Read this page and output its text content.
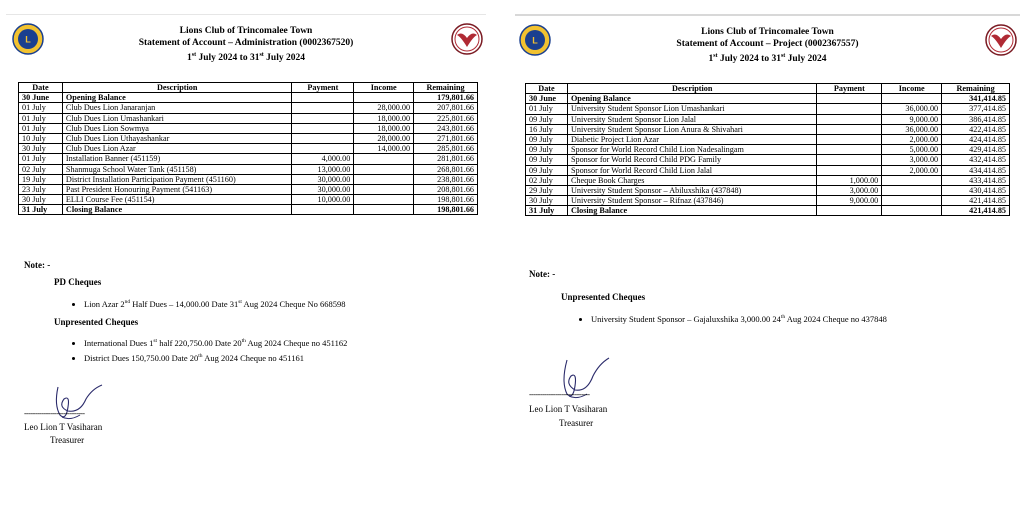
L
Lions Club of Trincomalee Town
Statement of Account – Administration (0002367520)
1st July 2024 to 31st July 2024
Date	Description	Payment	Income	Remaining
30 June	Opening Balance			179,801.66
01 July	Club Dues Lion Janaranjan		28,000.00	207,801.66
01 July	Club Dues Lion Umashankari		18,000.00	225,801.66
01 July	Club Dues Lion Sowmya		18,000.00	243,801.66
10 July	Club Dues Lion Uthayashankar		28,000.00	271,801.66
30 July	Club Dues Lion Azar		14,000.00	285,801.66
01 July	Installation Banner (451159)	4,000.00		281,801.66
02 July	Shanmuga School Water Tank (451158)	13,000.00		268,801.66
19 July	District Installation Participation Payment (451160)	30,000.00		238,801.66
23 July	Past President Honouring Payment (541163)	30,000.00		208,801.66
30 July	ELLI Course Fee (451154)	10,000.00		198,801.66
31 July	Closing Balance			198,801.66
Note: -
PD Cheques
• Lion Azar 2nd Half Dues – 14,000.00 Date 31st Aug 2024 Cheque No 668598
Unpresented Cheques
• International Dues 1st half 220,750.00 Date 20th Aug 2024 Cheque no 451162
• District Dues 150,750.00 Date 20th Aug 2024 Cheque no 451161
----------------------------
Leo Lion T Vasiharan
Treasurer
L
Lions Club of Trincomalee Town
Statement of Account – Project (0002367557)
1st July 2024 to 31st July 2024
Date	Description	Payment	Income	Remaining
30 June	Opening Balance			341,414.85
01 July	University Student Sponsor Lion Umashankari		36,000.00	377,414.85
09 July	University Student Sponsor Lion Jalal		9,000.00	386,414.85
16 July	University Student Sponsor Lion Anura & Shivahari		36,000.00	422,414.85
09 July	Diabetic Project Lion Azar		2,000.00	424,414.85
09 July	Sponsor for World Record Child Lion Nadesalingam		5,000.00	429,414.85
09 July	Sponsor for World Record Child PDG Family		3,000.00	432,414.85
09 July	Sponsor for World Record Child Lion Jalal		2,000.00	434,414.85
02 July	Cheque Book Charges	1,000.00		433,414.85
29 July	University Student Sponsor – Abiluxshika (437848)	3,000.00		430,414.85
30 July	University Student Sponsor – Rifnaz (437846)	9,000.00		421,414.85
31 July	Closing Balance			421,414.85
Note: -
Unpresented Cheques
• University Student Sponsor – Gajaluxshika 3,000.00 24th Aug 2024 Cheque no 437848
----------------------------
Leo Lion T Vasiharan
Treasurer
